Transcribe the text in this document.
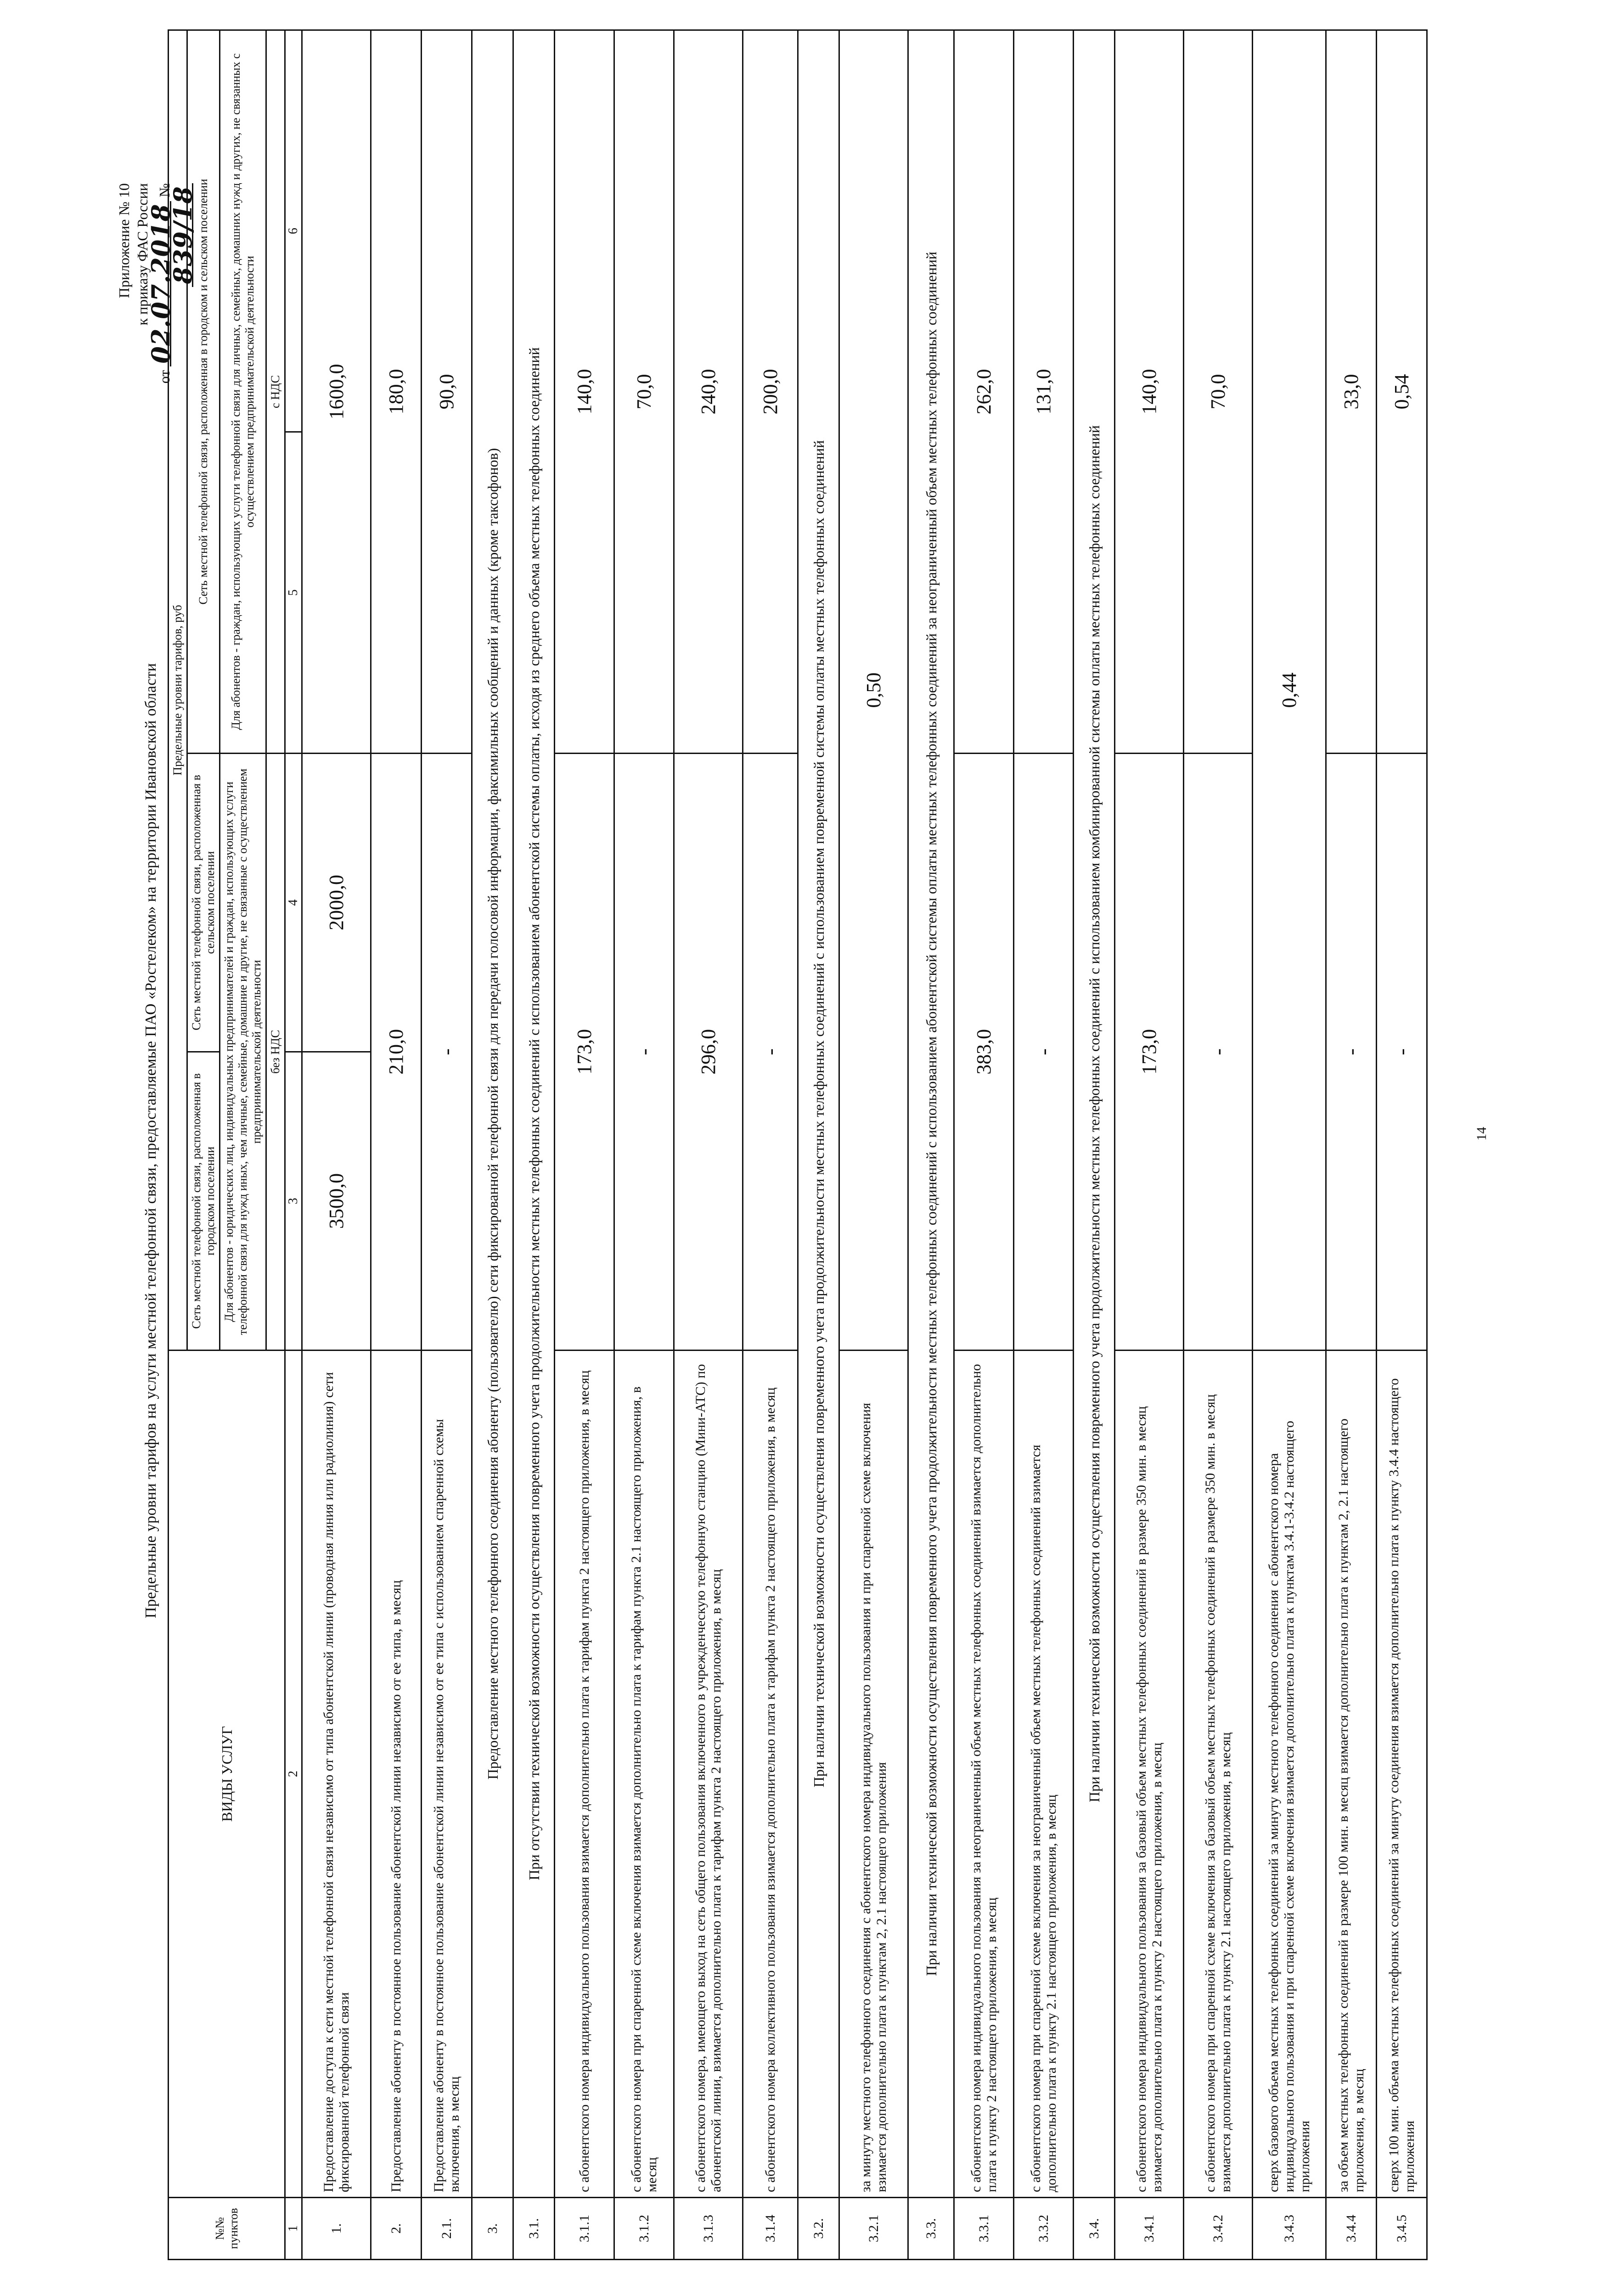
Приложение № 10 к приказу ФАС России
от 02.07.2018 № 839/18
Предельные уровни тарифов на услуги местной телефонной связи, предоставляемые ПАО «Ростелеком» на территории Ивановской области
№№ пунктов	ВИДЫ УСЛУГ	Предельные уровни тарифов, руб			
		Сеть местной телефонной связи, расположенная в городском поселении	Сеть местной телефонной связи, расположенная в сельском поселении	Сеть местной телефонной связи, расположенная в городском и сельском поселении	
		Для абонентов - юридических лиц, индивидуальных предпринимателей и граждан, использующих услуги телефонной связи для нужд иных, чем личные, семейные, домашние и другие, не связанные с осуществлением предпринимательской деятельности		Для абонентов - граждан, использующих услуги телефонной связи для личных, семейных, домашних нужд и других, не связанных с осуществлением предпринимательской деятельности	
		без НДС		с НДС	
1	2	3	4	5	6
1.	Предоставление доступа к сети местной телефонной связи независимо от типа абонентской линии (проводная линия или радиолиния) сети фиксированной телефонной связи	3500,0	2000,0	1600,0	
2.	Предоставление абоненту в постоянное пользование абонентской линии независимо от ее типа, в месяц	210,0		180,0	
2.1.	Предоставление абоненту в постоянное пользование абонентской линии независимо от ее типа с использованием спаренной схемы включения, в месяц	-		90,0	
3.	Предоставление местного телефонного соединения абоненту (пользователю) сети фиксированной телефонной связи для передачи голосовой информации, факсимильных сообщений и данных (кроме таксофонов)				
3.1.	При отсутствии технической возможности осуществления повременного учета продолжительности местных телефонных соединений с использованием абонентской системы оплаты, исходя из среднего объема местных телефонных соединений				
3.1.1	с абонентского номера индивидуального пользования взимается дополнительно плата к тарифам пункта 2 настоящего приложения, в месяц	173,0		140,0	
3.1.2	с абонентского номера при спаренной схеме включения взимается дополнительно плата к тарифам пункта 2.1 настоящего приложения, в месяц	-		70,0	
3.1.3	с абонентского номера, имеющего выход на сеть общего пользования включенного в учрежденческую телефонную станцию (Мини-АТС) по абонентской линии, взимается дополнительно плата к тарифам пункта 2 настоящего приложения, в месяц	296,0		240,0	
3.1.4	с абонентского номера коллективного пользования взимается дополнительно плата к тарифам пункта 2 настоящего приложения, в месяц	-		200,0	
3.2.	При наличии технической возможности осуществления повременного учета продолжительности местных телефонных соединений с использованием повременной системы оплаты местных телефонных соединений				
3.2.1	за минуту местного телефонного соединения с абонентского номера индивидуального пользования и при спаренной схеме включения взимается дополнительно плата к пунктам 2, 2.1 настоящего приложения	0,50			
3.3.	При наличии технической возможности осуществления повременного учета продолжительности местных телефонных соединений с использованием абонентской системы оплаты местных телефонных соединений за неограниченный объем местных телефонных соединений				
3.3.1	с абонентского номера индивидуального пользования за неограниченный объем местных телефонных соединений взимается дополнительно плата к пункту 2 настоящего приложения, в месяц	383,0		262,0	
3.3.2	с абонентского номера при спаренной схеме включения за неограниченный объем местных телефонных соединений взимается дополнительно плата к пункту 2.1 настоящего приложения, в месяц	-		131,0	
3.4.	При наличии технической возможности осуществления повременного учета продолжительности местных телефонных соединений с использованием комбинированной системы оплаты местных телефонных соединений				
3.4.1	с абонентского номера индивидуального пользования за базовый объем местных телефонных соединений в размере 350 мин. в месяц взимается дополнительно плата к пункту 2 настоящего приложения, в месяц	173,0		140,0	
3.4.2	с абонентского номера при спаренной схеме включения за базовый объем местных телефонных соединений в размере 350 мин. в месяц взимается дополнительно плата к пункту 2.1 настоящего приложения, в месяц	-		70,0	
3.4.3	сверх базового объема местных телефонных соединений за минуту местного телефонного соединения с абонентского номера индивидуального пользования и при спаренной схеме включения взимается дополнительно плата к пунктам 3.4.1-3.4.2 настоящего приложения	0,44			
3.4.4	за объем местных телефонных соединений в размере 100 мин. в месяц взимается дополнительно плата к пунктам 2, 2.1 настоящего приложения, в месяц	-		33,0	
3.4.5	сверх 100 мин. объема местных телефонных соединений за минуту соединения взимается дополнительно плата к пункту 3.4.4 настоящего приложения	-		0,54	
14
